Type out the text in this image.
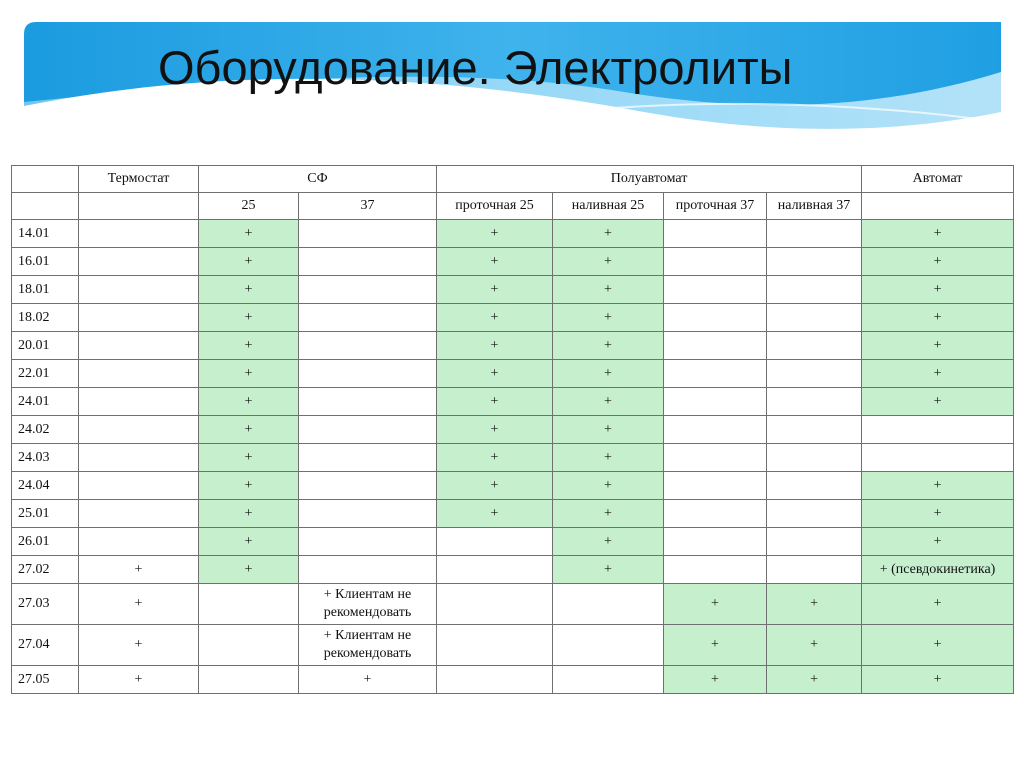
Оборудование. Электролиты
	Термостат	СФ		Полуавтомат				Автомат
		25	37	проточная 25	наливная 25	проточная 37	наливная 37	
14.01		+		+	+			+
16.01		+		+	+			+
18.01		+		+	+			+
18.02		+		+	+			+
20.01		+		+	+			+
22.01		+		+	+			+
24.01		+		+	+			+
24.02		+		+	+			
24.03		+		+	+			
24.04		+		+	+			+
25.01		+		+	+			+
26.01		+			+			+
27.02	+	+			+			+ (псевдокинетика)
27.03	+		+ Клиентам не рекомендовать			+	+	+
27.04	+		+ Клиентам не рекомендовать			+	+	+
27.05	+		+			+	+	+
